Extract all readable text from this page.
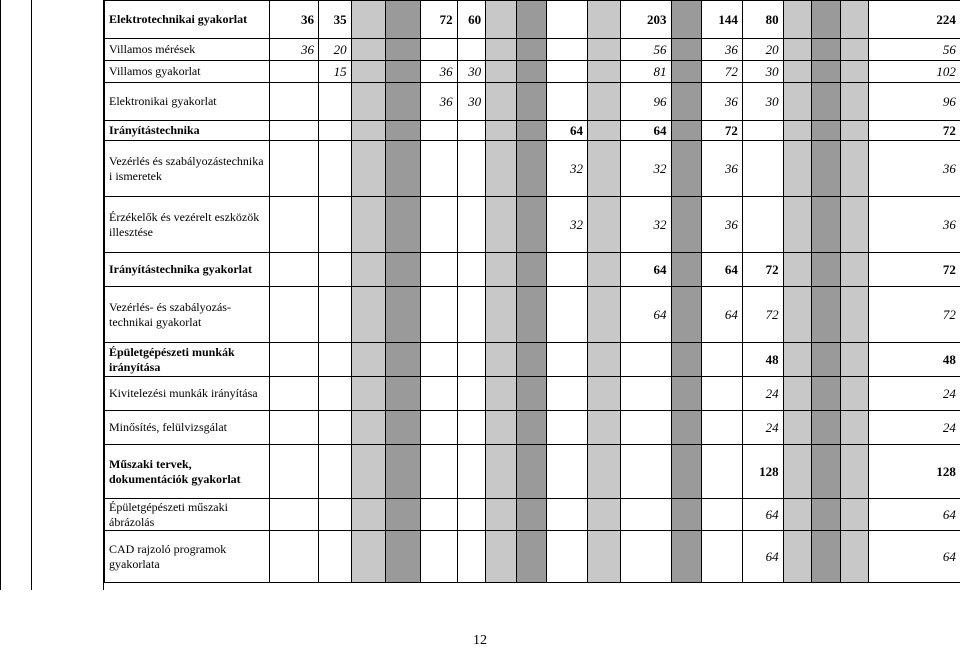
Elektrotechnikai gyakorlat	36	35			72	60					203		144	80				224
Villamos mérések	36	20									56		36	20				56
Villamos gyakorlat		15			36	30					81		72	30				102
Elektronikai gyakorlat					36	30					96		36	30				96
Irányítástechnika									64		64		72					72
Vezérlés és szabályozástechnika i ismeretek									32		32		36					36
Érzékelők és vezérelt eszközök illesztése									32		32		36					36
Irányítástechnika gyakorlat											64		64	72				72
Vezérlés- és szabályozás-technikai gyakorlat											64		64	72				72
Épületgépészeti munkák irányítása														48				48
Kivitelezési munkák irányítása														24				24
Minősítés, felülvizsgálat														24				24
Műszaki tervek, dokumentációk gyakorlat														128				128
Épületgépészeti műszaki ábrázolás														64				64
CAD rajzoló programok gyakorlata														64				64
12
